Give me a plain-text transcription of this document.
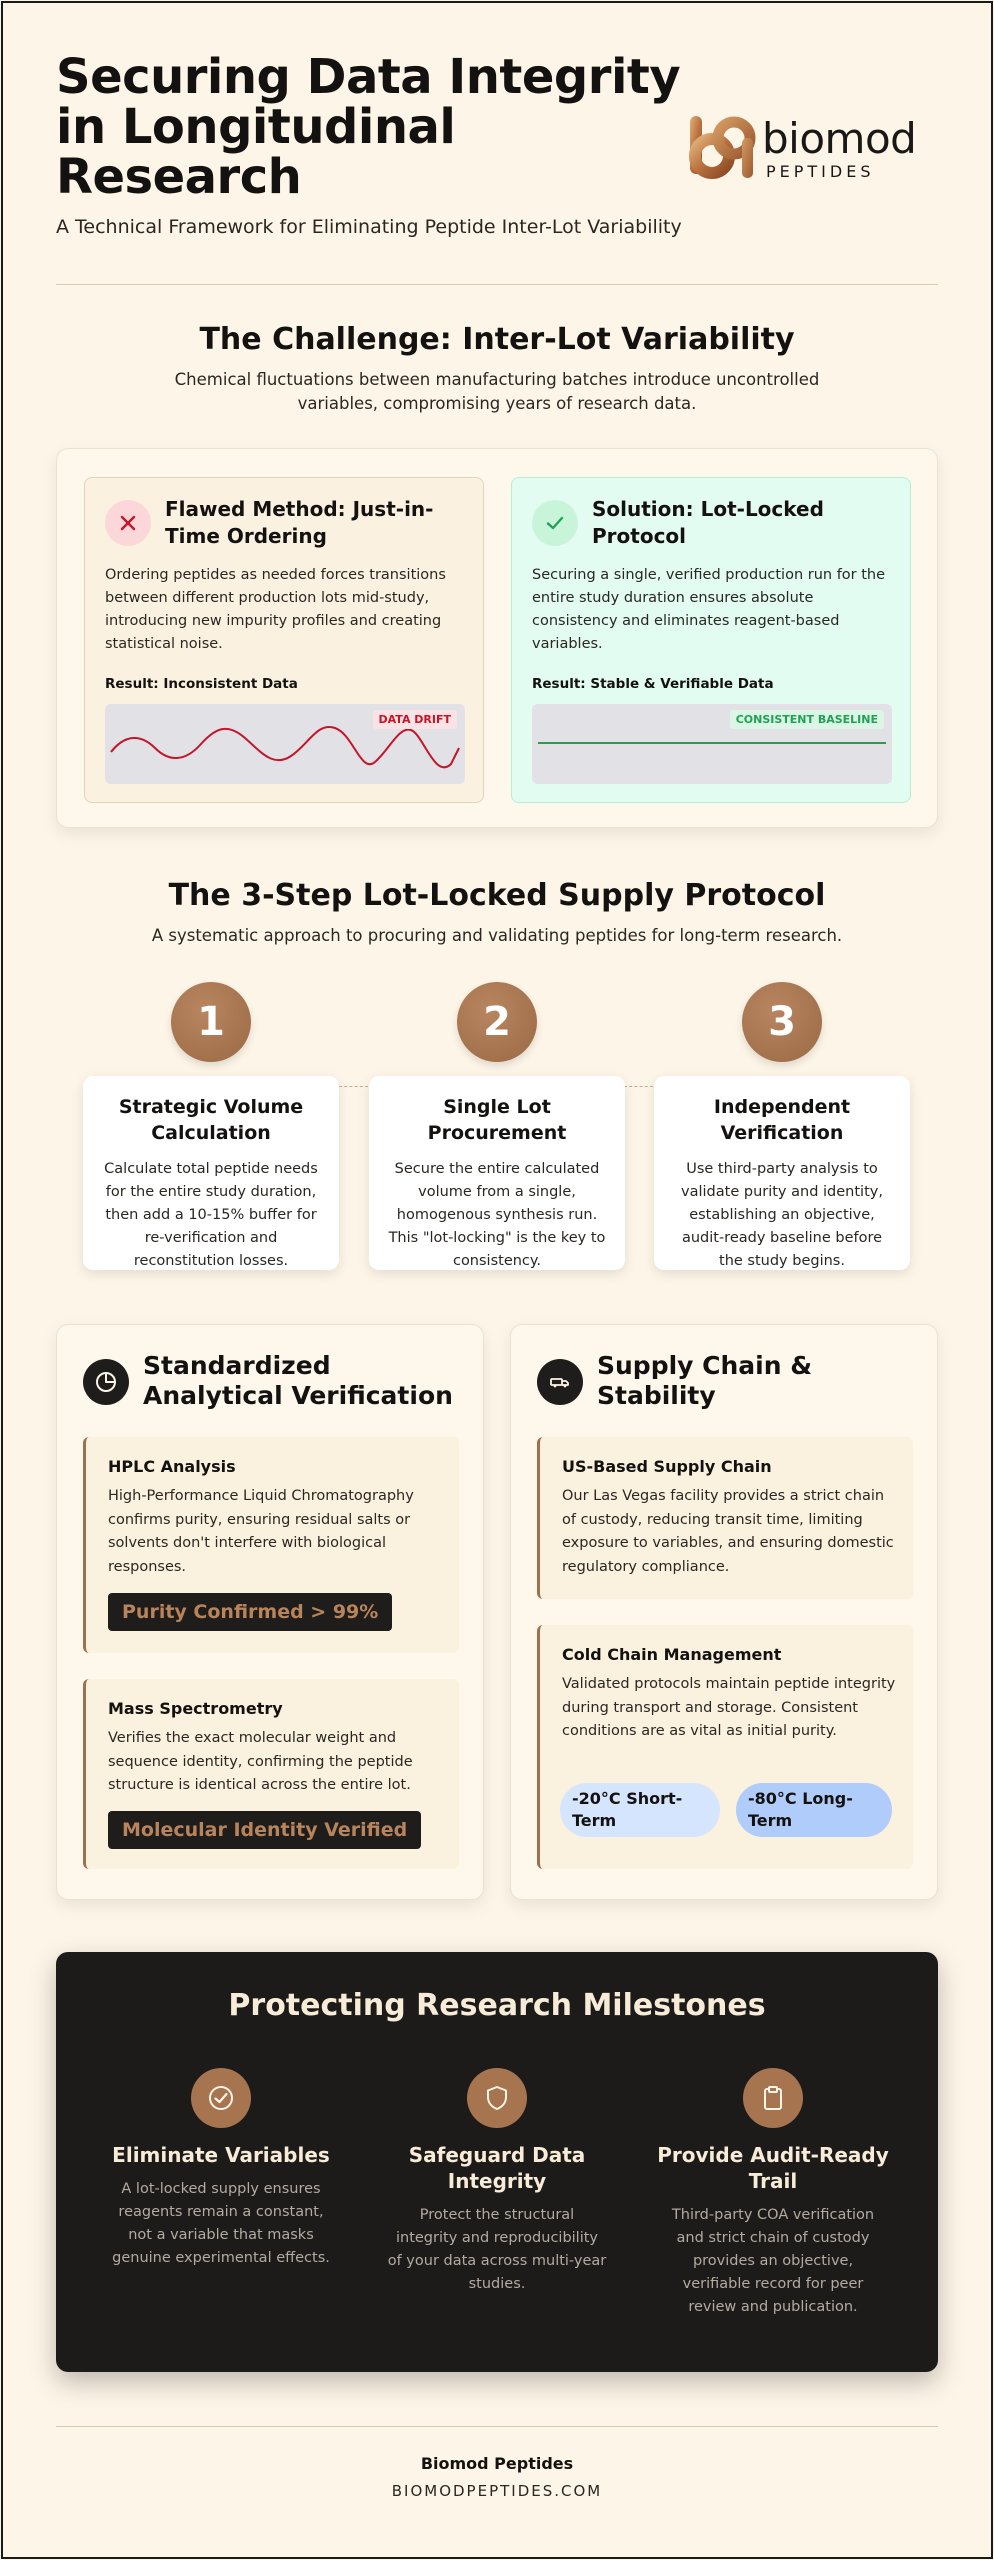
Securing Data Integrity in Longitudinal Research
A Technical Framework for Eliminating Peptide Inter-Lot Variability
biomod
PEPTIDES
The Challenge: Inter-Lot Variability
Chemical fluctuations between manufacturing batches introduce uncontrolled variables, compromising years of research data.
Flawed Method: Just-in-Time Ordering
Ordering peptides as needed forces transitions between different production lots mid-study, introducing new impurity profiles and creating statistical noise.
Result: Inconsistent Data
DATA DRIFT
Solution: Lot-Locked Protocol
Securing a single, verified production run for the entire study duration ensures absolute consistency and eliminates reagent-based variables.
Result: Stable & Verifiable Data
CONSISTENT BASELINE
The 3-Step Lot-Locked Supply Protocol
A systematic approach to procuring and validating peptides for long-term research.
1	2	3
Strategic Volume Calculation
Calculate total peptide needs for the entire study duration, then add a 10-15% buffer for re-verification and reconstitution losses.
Single Lot Procurement
Secure the entire calculated volume from a single, homogenous synthesis run. This "lot-locking" is the key to consistency.
Independent Verification
Use third-party analysis to validate purity and identity, establishing an objective, audit-ready baseline before the study begins.
Standardized Analytical Verification
HPLC Analysis
High-Performance Liquid Chromatography confirms purity, ensuring residual salts or solvents don't interfere with biological responses.
Purity Confirmed > 99%
Mass Spectrometry
Verifies the exact molecular weight and sequence identity, confirming the peptide structure is identical across the entire lot.
Molecular Identity Verified
Supply Chain & Stability
US-Based Supply Chain
Our Las Vegas facility provides a strict chain of custody, reducing transit time, limiting exposure to variables, and ensuring domestic regulatory compliance.
Cold Chain Management
Validated protocols maintain peptide integrity during transport and storage. Consistent conditions are as vital as initial purity.
-20°C Short-Term
-80°C Long-Term
Protecting Research Milestones
Eliminate Variables	Safeguard Data Integrity
Provide Audit-Ready Trail
A lot-locked supply ensures reagents remain a constant, not a variable that masks genuine experimental effects.
Protect the structural integrity and reproducibility of your data across multi-year studies.
Third-party COA verification and strict chain of custody provides an objective, verifiable record for peer review and publication.
Biomod Peptides
BIOMODPEPTIDES.COM
